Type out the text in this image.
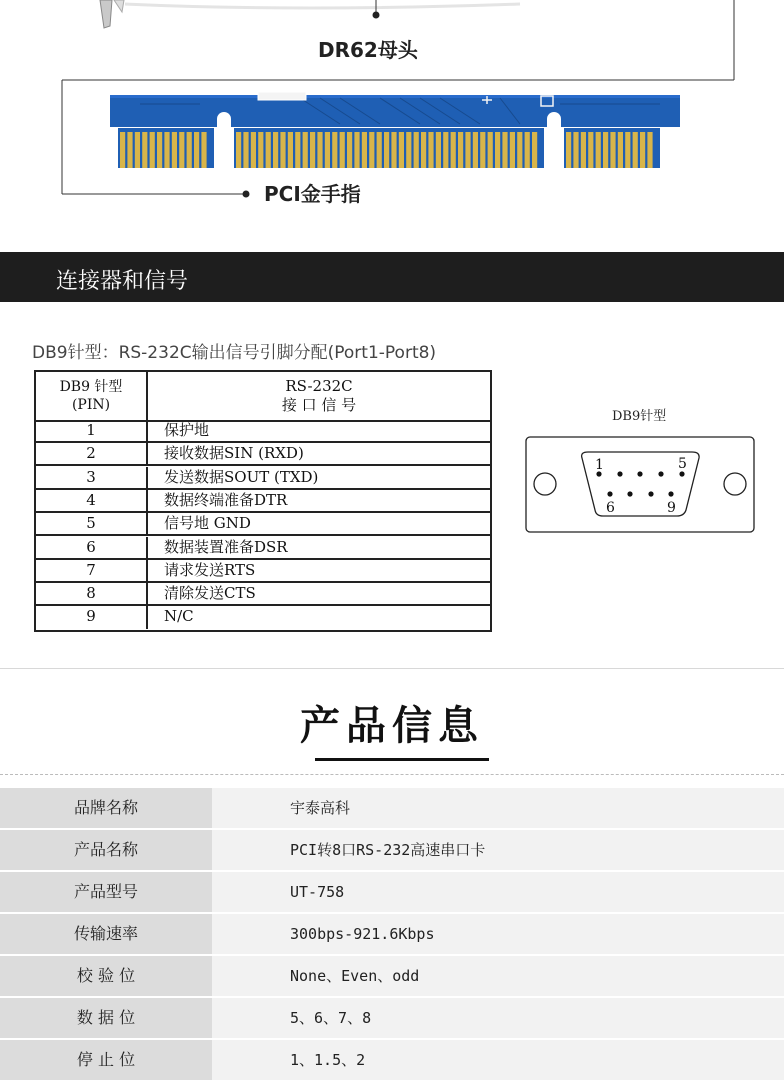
DR62母头
PCI金手指
连接器和信号
DB9针型：RS-232C输出信号引脚分配(Port1-Port8)
DB9 针型
(PIN)
RS-232C
接 口 信 号
1	保护地
2	接收数据SIN (RXD)
3	发送数据SOUT (TXD)
4	数据终端准备DTR
5	信号地 GND
6	数据装置准备DSR
7	请求发送RTS
8	清除发送CTS
9	N/C
DB9针型
1	5
6	9
产品信息
品牌名称	宇泰高科
产品名称	PCI转8口RS-232高速串口卡
产品型号	UT-758
传输速率	300bps-921.6Kbps
校 验 位	None、Even、odd
数 据 位	5、6、7、8
停 止 位	1、1.5、2
